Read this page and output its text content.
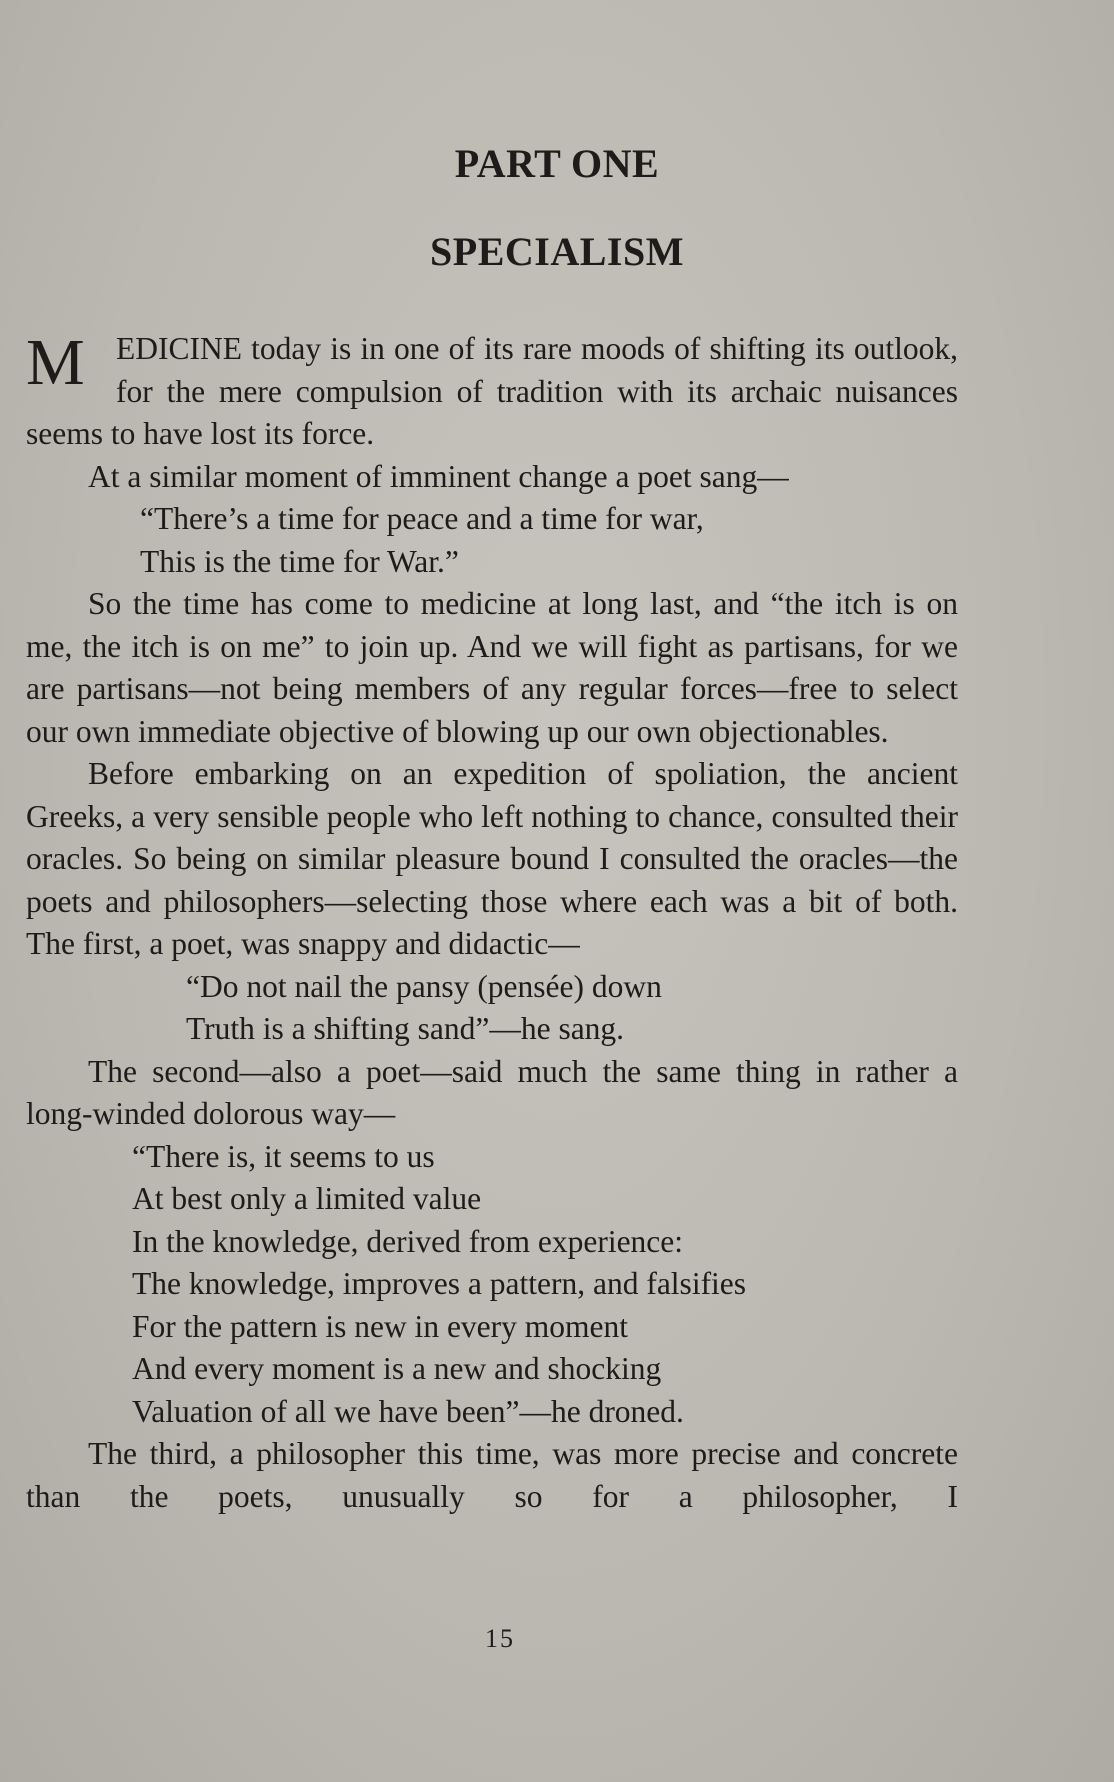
PART ONE
SPECIALISM

MEDICINE today is in one of its rare moods of shifting its outlook, for the mere compulsion of tradition with its archaic nuisances seems to have lost its force.

At a similar moment of imminent change a poet sang—

“There’s a time for peace and a time for war,
This is the time for War.”

So the time has come to medicine at long last, and “the itch is on me, the itch is on me” to join up. And we will fight as partisans, for we are partisans—not being members of any regular forces—free to select our own immediate objective of blowing up our own objectionables.

Before embarking on an expedition of spoliation, the ancient Greeks, a very sensible people who left nothing to chance, consulted their oracles. So being on similar pleasure bound I consulted the oracles—the poets and philosophers—selecting those where each was a bit of both. The first, a poet, was snappy and didactic—

“Do not nail the pansy (pensée) down
Truth is a shifting sand”—he sang.

The second—also a poet—said much the same thing in rather a long-winded dolorous way—

“There is, it seems to us
At best only a limited value
In the knowledge, derived from experience:
The knowledge, improves a pattern, and falsifies
For the pattern is new in every moment
And every moment is a new and shocking
Valuation of all we have been”—he droned.

The third, a philosopher this time, was more precise and concrete than the poets, unusually so for a philosopher, I

15
